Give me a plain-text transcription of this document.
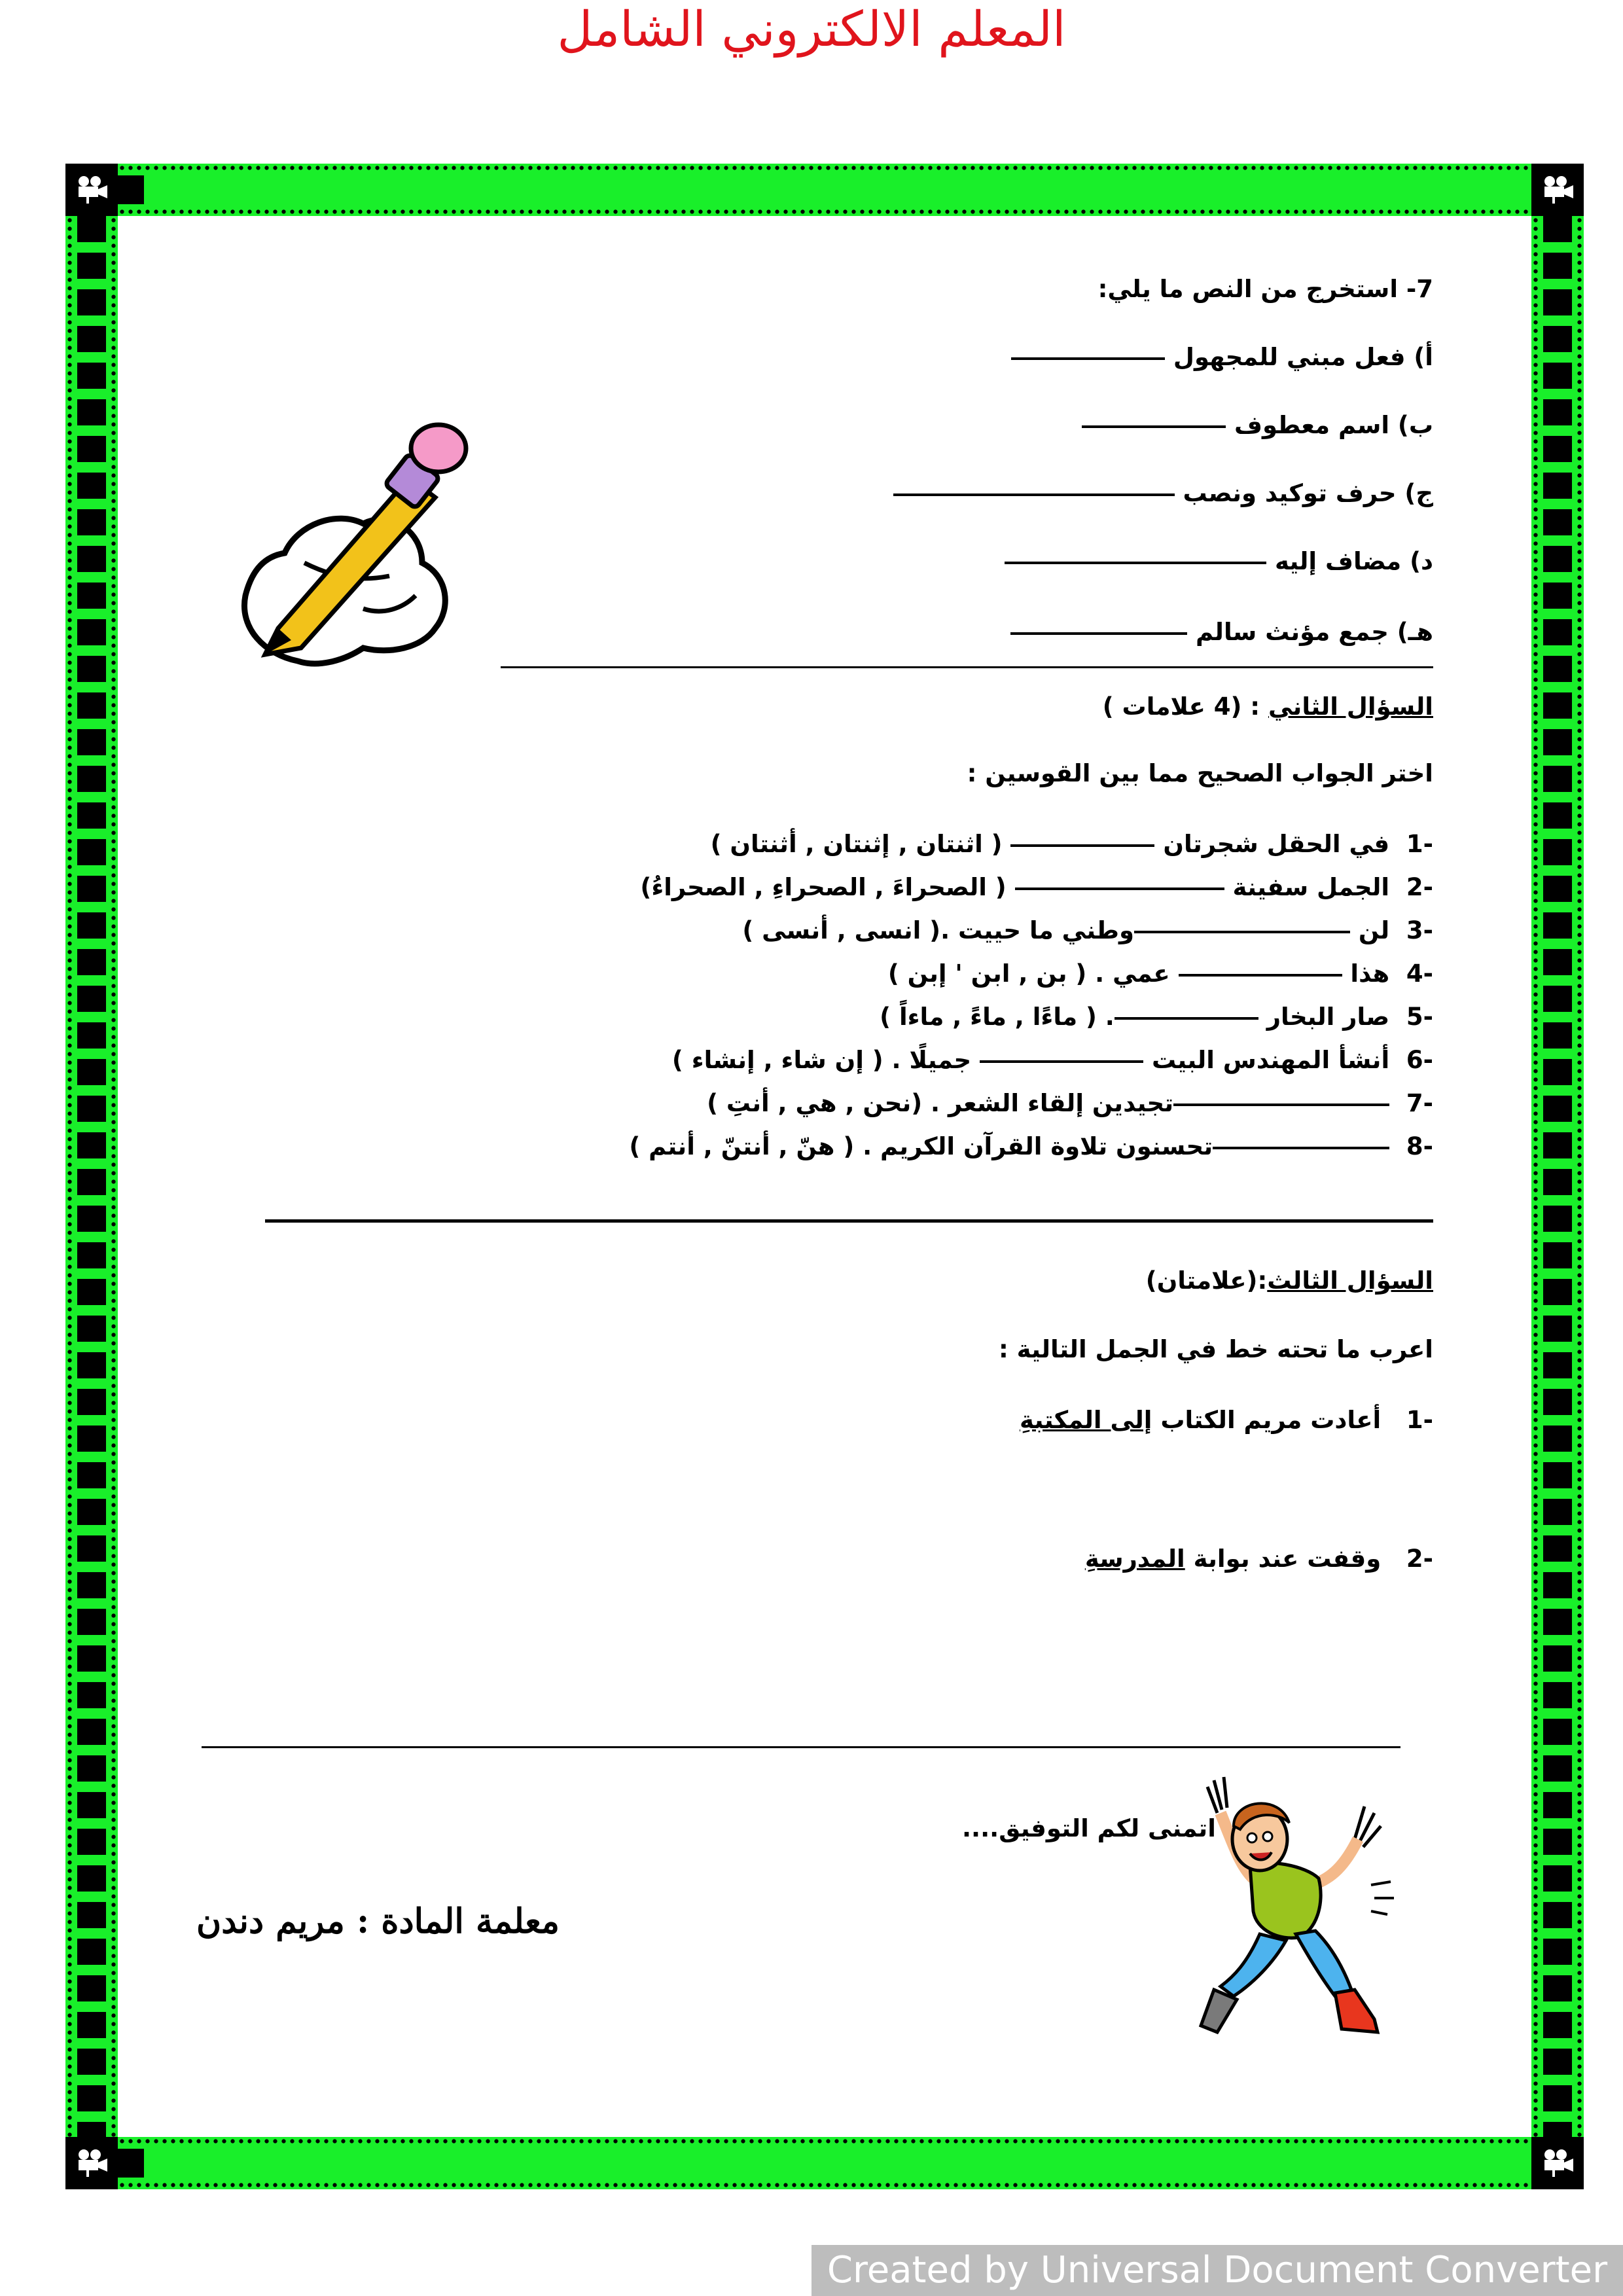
المعلم الالكتروني الشامل
7- استخرج من النص ما يلي:
أ) فعل مبني للمجهول
ب) اسم معطوف
ج) حرف توكيد ونصب
د) مضاف إليه
هـ) جمع مؤنث سالم
السؤال الثاني : (4 علامات )
اختر الجواب الصحيح مما بين القوسين :
-1  في الحقل شجرتان  ( اثنتان , إثنتان , أثنتان )
-2  الجمل سفينة  ( الصحراءَ , الصحراءِ , الصحراءُ)
-3  لن وطني ما حييت .( انسى , أنسى )
-4  هذا  عمي . ( بن , ابن ' إبن )
-5  صار البخار . ( ماءًا , ماءً , ماءاً )
-6  أنشأ المهندس البيت  جميلًا . ( إن شاء , إنشاء )
-7  تجيدين إلقاء الشعر . (نحن , هي , أنتِ )
-8  تحسنون تلاوة القرآن الكريم . ( هنّ , أنتنّ , أنتم )
السؤال الثالث:(علامتان)
اعرب ما تحته خط في الجمل التالية :
-1   أعادت مريم الكتاب إلى المكتبةِ
-2   وقفت عند بوابة المدرسةِ
اتمنى لكم التوفيق....
معلمة المادة : مريم دندن
Created by Universal Document Converter
